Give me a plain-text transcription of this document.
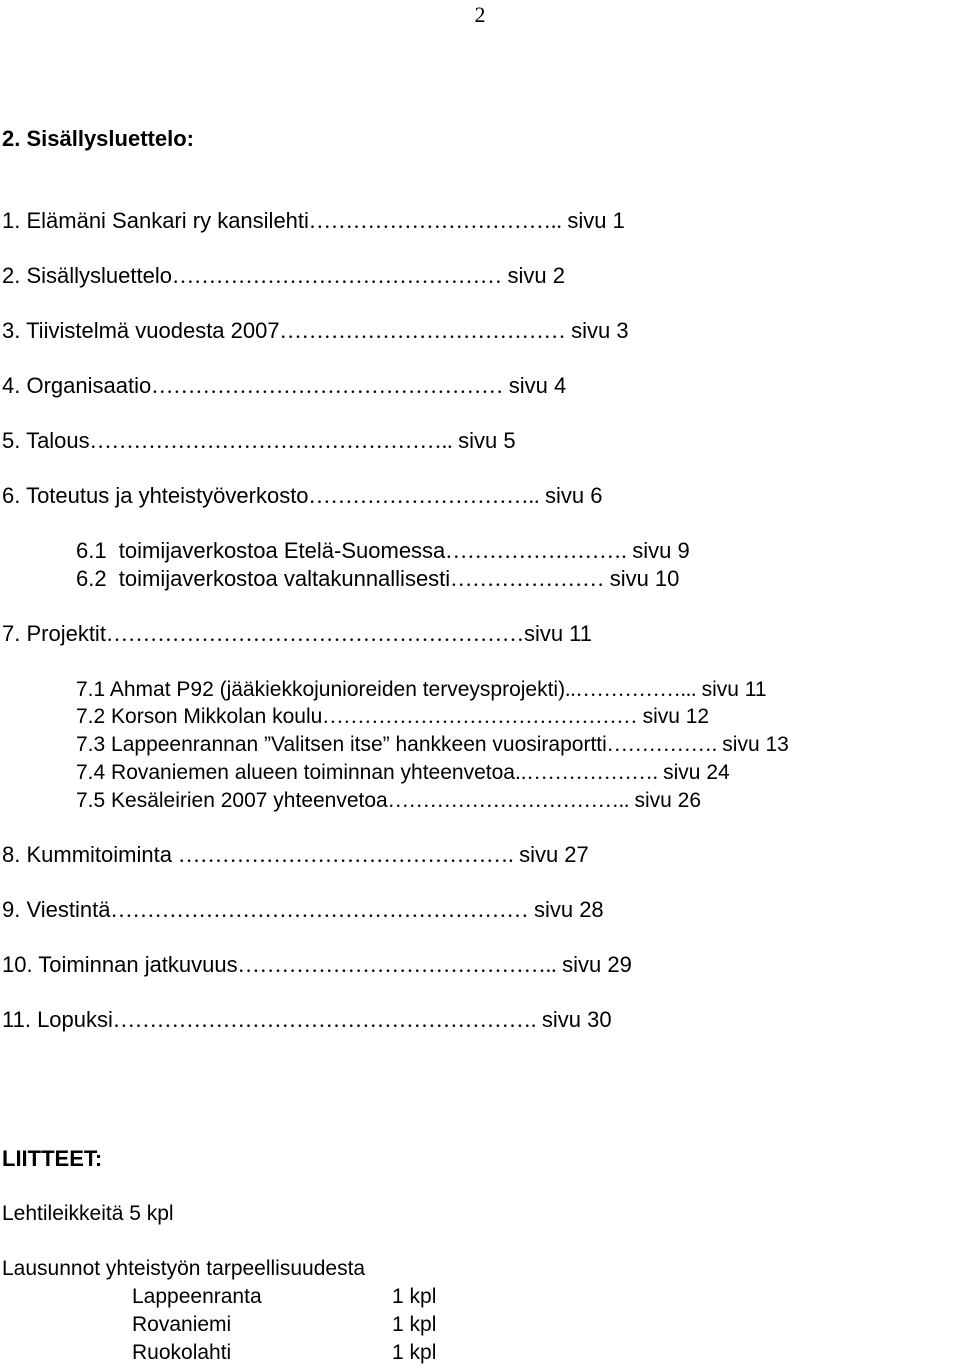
2
2. Sisällysluettelo:
1. Elämäni Sankari ry kansilehti…………………………….. sivu 1
2. Sisällysluettelo……………………………………… sivu 2
3. Tiivistelmä vuodesta 2007………………………………… sivu 3
4. Organisaatio………………………………………… sivu 4
5. Talous………………………………………….. sivu 5
6. Toteutus ja yhteistyöverkosto………………………….. sivu 6
6.1  toimijaverkostoa Etelä-Suomessa……………………. sivu 9
6.2  toimijaverkostoa valtakunnallisesti………………… sivu 10
7. Projektit…………………………………………………sivu 11
7.1 Ahmat P92 (jääkiekkojunioreiden terveysprojekti)..……………... sivu 11
7.2 Korson Mikkolan koulu……………………………………… sivu 12
7.3 Lappeenrannan ”Valitsen itse” hankkeen vuosiraportti……………. sivu 13
7.4 Rovaniemen alueen toiminnan yhteenvetoa..………………. sivu 24
7.5 Kesäleirien 2007 yhteenvetoa…………………………….. sivu 26
8. Kummitoiminta ………………………………………. sivu 27
9. Viestintä………………………………………………… sivu 28
10. Toiminnan jatkuvuus…………………………………….. sivu 29
11. Lopuksi…………………………………………………. sivu 30
LIITTEET:
Lehtileikkeitä 5 kpl
Lausunnot yhteistyön tarpeellisuudesta
Lappeenranta	1 kpl
Rovaniemi	1 kpl
Ruokolahti	1 kpl
